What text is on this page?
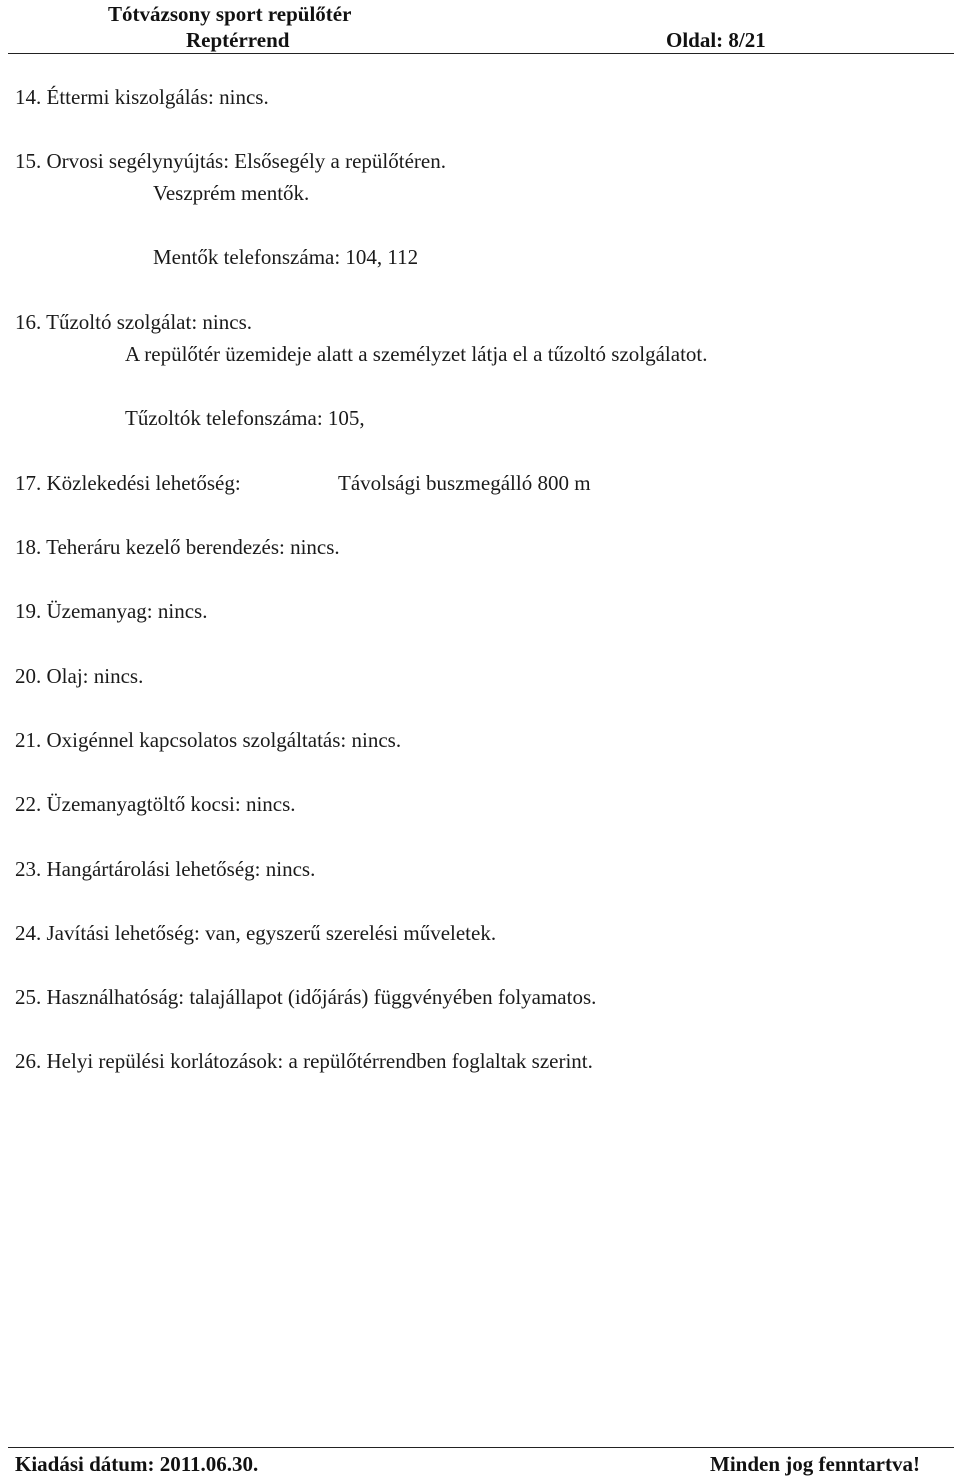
Tótvázsony sport repülőtér
Reptérrend	Oldal: 8/21
14. Éttermi kiszolgálás: nincs.
15. Orvosi segélynyújtás: Elsősegély a repülőtéren.
Veszprém mentők.
Mentők telefonszáma: 104, 112
16. Tűzoltó szolgálat: nincs.
A repülőtér üzemideje alatt a személyzet látja el a tűzoltó szolgálatot.
Tűzoltók telefonszáma: 105,
17. Közlekedési lehetőség:	Távolsági buszmegálló 800 m
18. Teheráru kezelő berendezés: nincs.
19. Üzemanyag: nincs.
20. Olaj: nincs.
21. Oxigénnel kapcsolatos szolgáltatás: nincs.
22. Üzemanyagtöltő kocsi: nincs.
23. Hangártárolási lehetőség: nincs.
24. Javítási lehetőség: van, egyszerű szerelési műveletek.
25. Használhatóság: talajállapot (időjárás) függvényében folyamatos.
26. Helyi repülési korlátozások: a repülőtérrendben foglaltak szerint.
Kiadási dátum: 2011.06.30.	Minden jog fenntartva!
